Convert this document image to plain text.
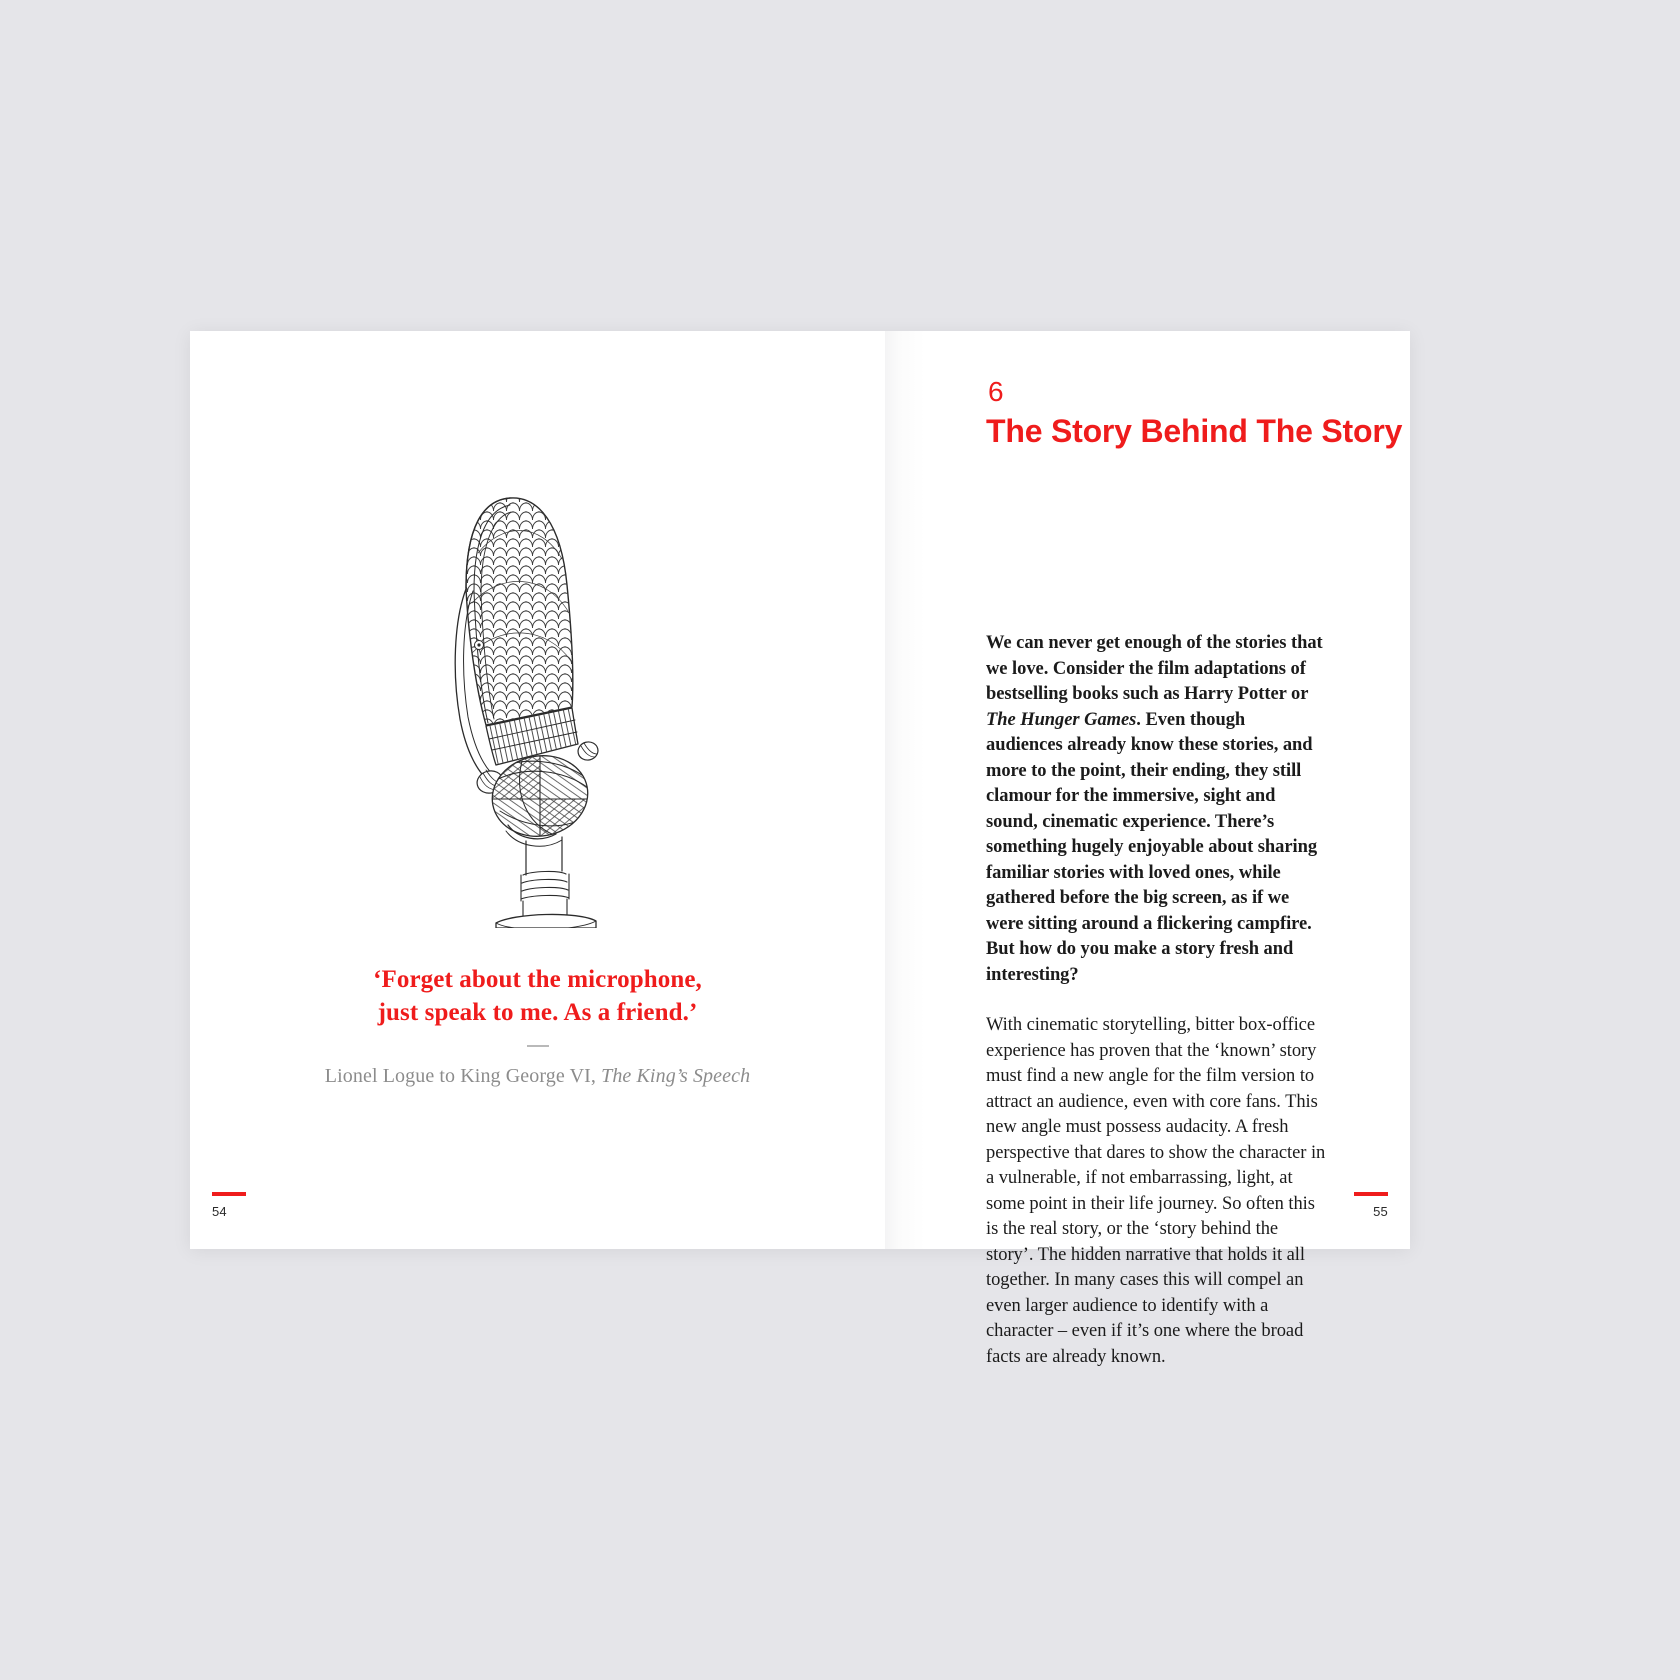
‘Forget about the microphone,
just speak to me. As a friend.’
Lionel Logue to King George VI, The King’s Speech
54
6
The Story Behind The Story

We can never get enough of the stories that we love. Consider the film adaptations of bestselling books such as Harry Potter or The Hunger Games. Even though audiences already know these stories, and more to the point, their ending, they still clamour for the immersive, sight and sound, cinematic experience. There’s something hugely enjoyable about sharing familiar stories with loved ones, while gathered before the big screen, as if we were sitting around a flickering campfire. But how do you make a story fresh and interesting?

With cinematic storytelling, bitter box-office experience has proven that the ‘known’ story must find a new angle for the film version to attract an audience, even with core fans. This new angle must possess audacity. A fresh perspective that dares to show the character in a vulnerable, if not embarrassing, light, at some point in their life journey. So often this is the real story, or the ‘story behind the story’. The hidden narrative that holds it all together. In many cases this will compel an even larger audience to identify with a character – even if it’s one where the broad facts are already known.

55
